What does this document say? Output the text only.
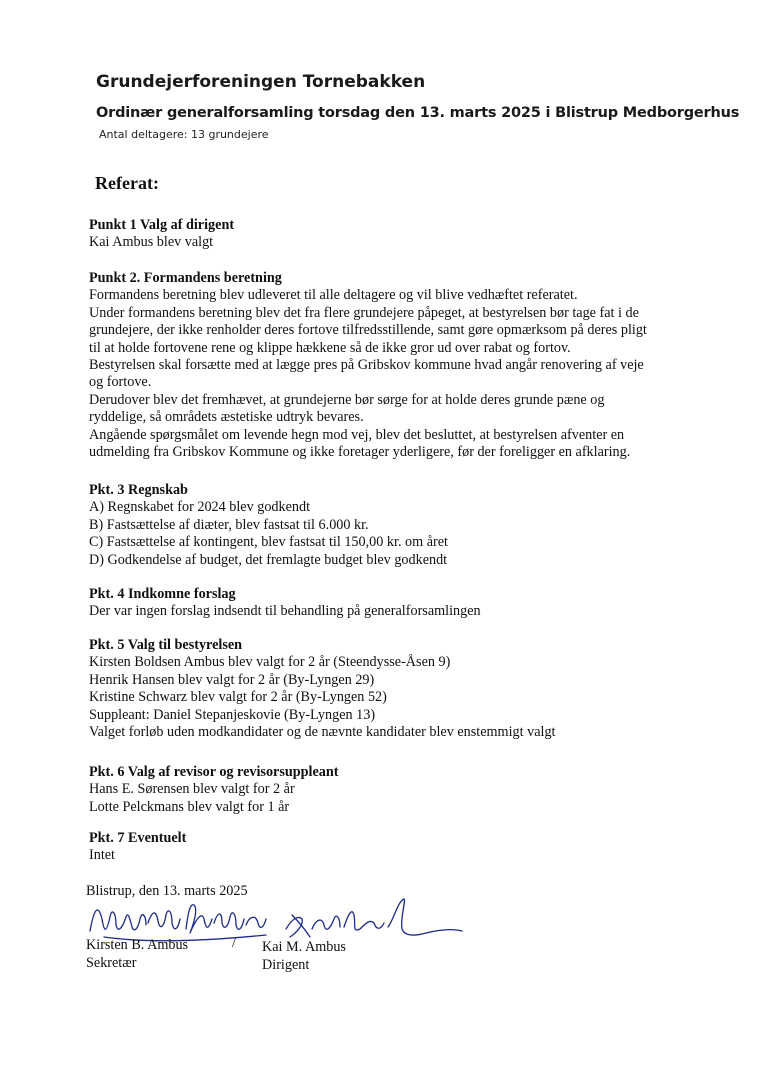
Grundejerforeningen Tornebakken
Ordinær generalforsamling torsdag den 13. marts 2025 i Blistrup Medborgerhus
Antal deltagere: 13 grundejere
Referat:
Punkt 1 Valg af dirigent
Kai Ambus blev valgt
Punkt 2. Formandens beretning
Formandens beretning blev udleveret til alle deltagere og vil blive vedhæftet referatet.
Under formandens beretning blev det fra flere grundejere påpeget, at bestyrelsen bør tage fat i de
grundejere, der ikke renholder deres fortove tilfredsstillende, samt gøre opmærksom på deres pligt
til at holde fortovene rene og klippe hækkene så de ikke gror ud over rabat og fortov.
Bestyrelsen skal forsætte med at lægge pres på Gribskov kommune hvad angår renovering af veje
og fortove.
Derudover blev det fremhævet, at grundejerne bør sørge for at holde deres grunde pæne og
ryddelige, så områdets æstetiske udtryk bevares.
Angående spørgsmålet om levende hegn mod vej, blev det besluttet, at bestyrelsen afventer en
udmelding fra Gribskov Kommune og ikke foretager yderligere, før der foreligger en afklaring.
Pkt. 3 Regnskab
A) Regnskabet for 2024 blev godkendt
B) Fastsættelse af diæter, blev fastsat til 6.000 kr.
C) Fastsættelse af kontingent, blev fastsat til 150,00 kr. om året
D) Godkendelse af budget, det fremlagte budget blev godkendt
Pkt. 4 Indkomne forslag
Der var ingen forslag indsendt til behandling på generalforsamlingen
Pkt. 5 Valg til bestyrelsen
Kirsten Boldsen Ambus blev valgt for 2 år (Steendysse-Åsen 9)
Henrik Hansen blev valgt for 2 år (By-Lyngen 29)
Kristine Schwarz blev valgt for 2 år (By-Lyngen 52)
Suppleant: Daniel Stepanjeskovie (By-Lyngen 13)
Valget forløb uden modkandidater og de nævnte kandidater blev enstemmigt valgt
Pkt. 6 Valg af revisor og revisorsuppleant
Hans E. Sørensen blev valgt for 2 år
Lotte Pelckmans blev valgt for 1 år
Pkt. 7 Eventuelt
Intet
Blistrup, den 13. marts 2025
Kirsten B. Ambus
Sekretær
/ Kai M. Ambus
Dirigent
